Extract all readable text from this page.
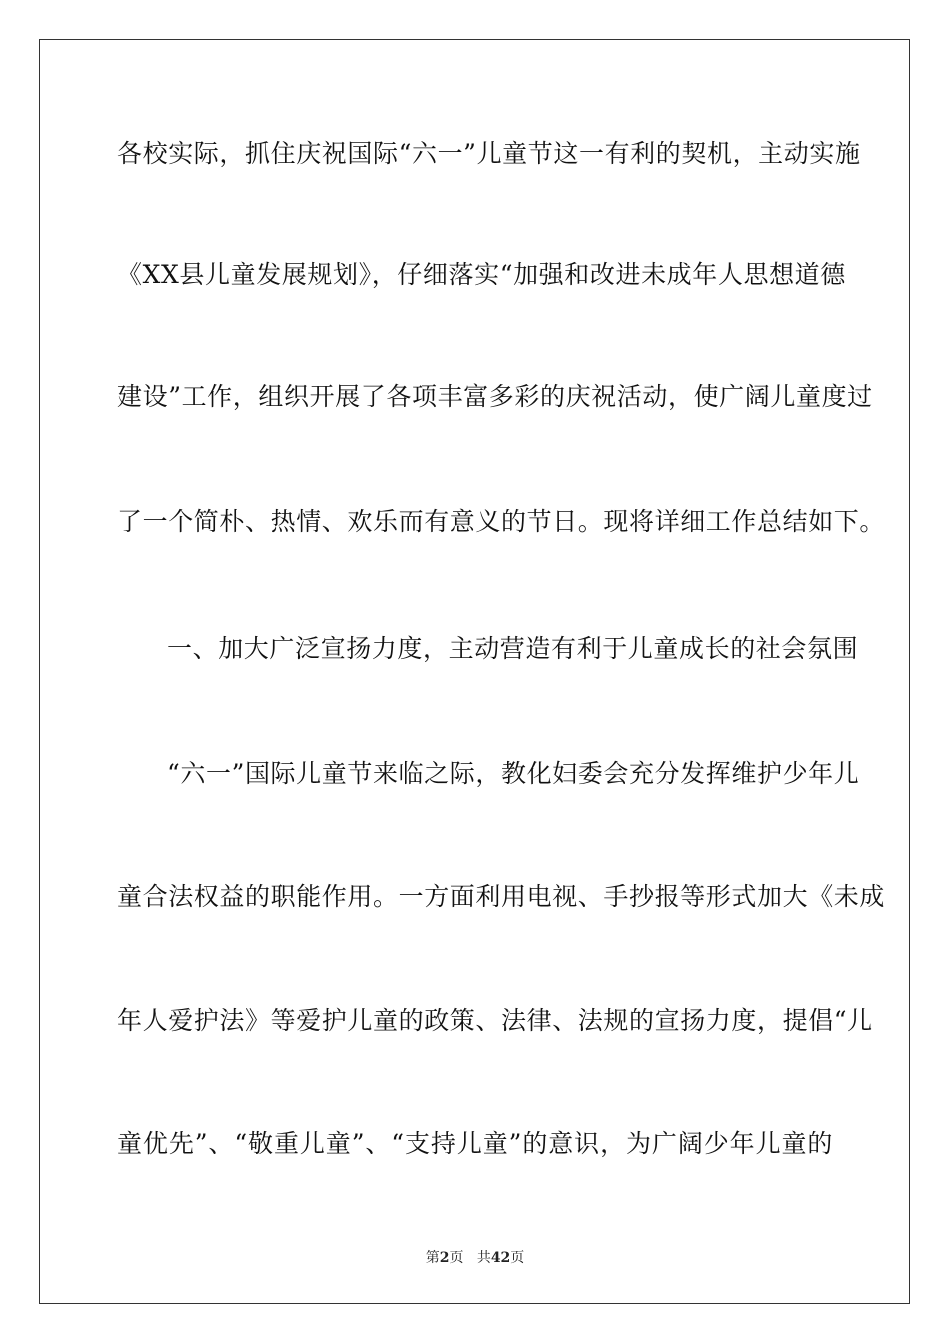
各校实际，抓住庆祝国际“六一”儿童节这一有利的契机，主动实施
《XX县儿童发展规划》，仔细落实“加强和改进未成年人思想道德
建设”工作，组织开展了各项丰富多彩的庆祝活动，使广阔儿童度过
了一个简朴、热情、欢乐而有意义的节日。现将详细工作总结如下。
一、加大广泛宣扬力度，主动营造有利于儿童成长的社会氛围
“六一”国际儿童节来临之际，教化妇委会充分发挥维护少年儿
童合法权益的职能作用。一方面利用电视、手抄报等形式加大《未成
年人爱护法》等爱护儿童的政策、法律、法规的宣扬力度，提倡“儿
童优先”、“敬重儿童”、“支持儿童”的意识，为广阔少年儿童的
第2页 共42页
